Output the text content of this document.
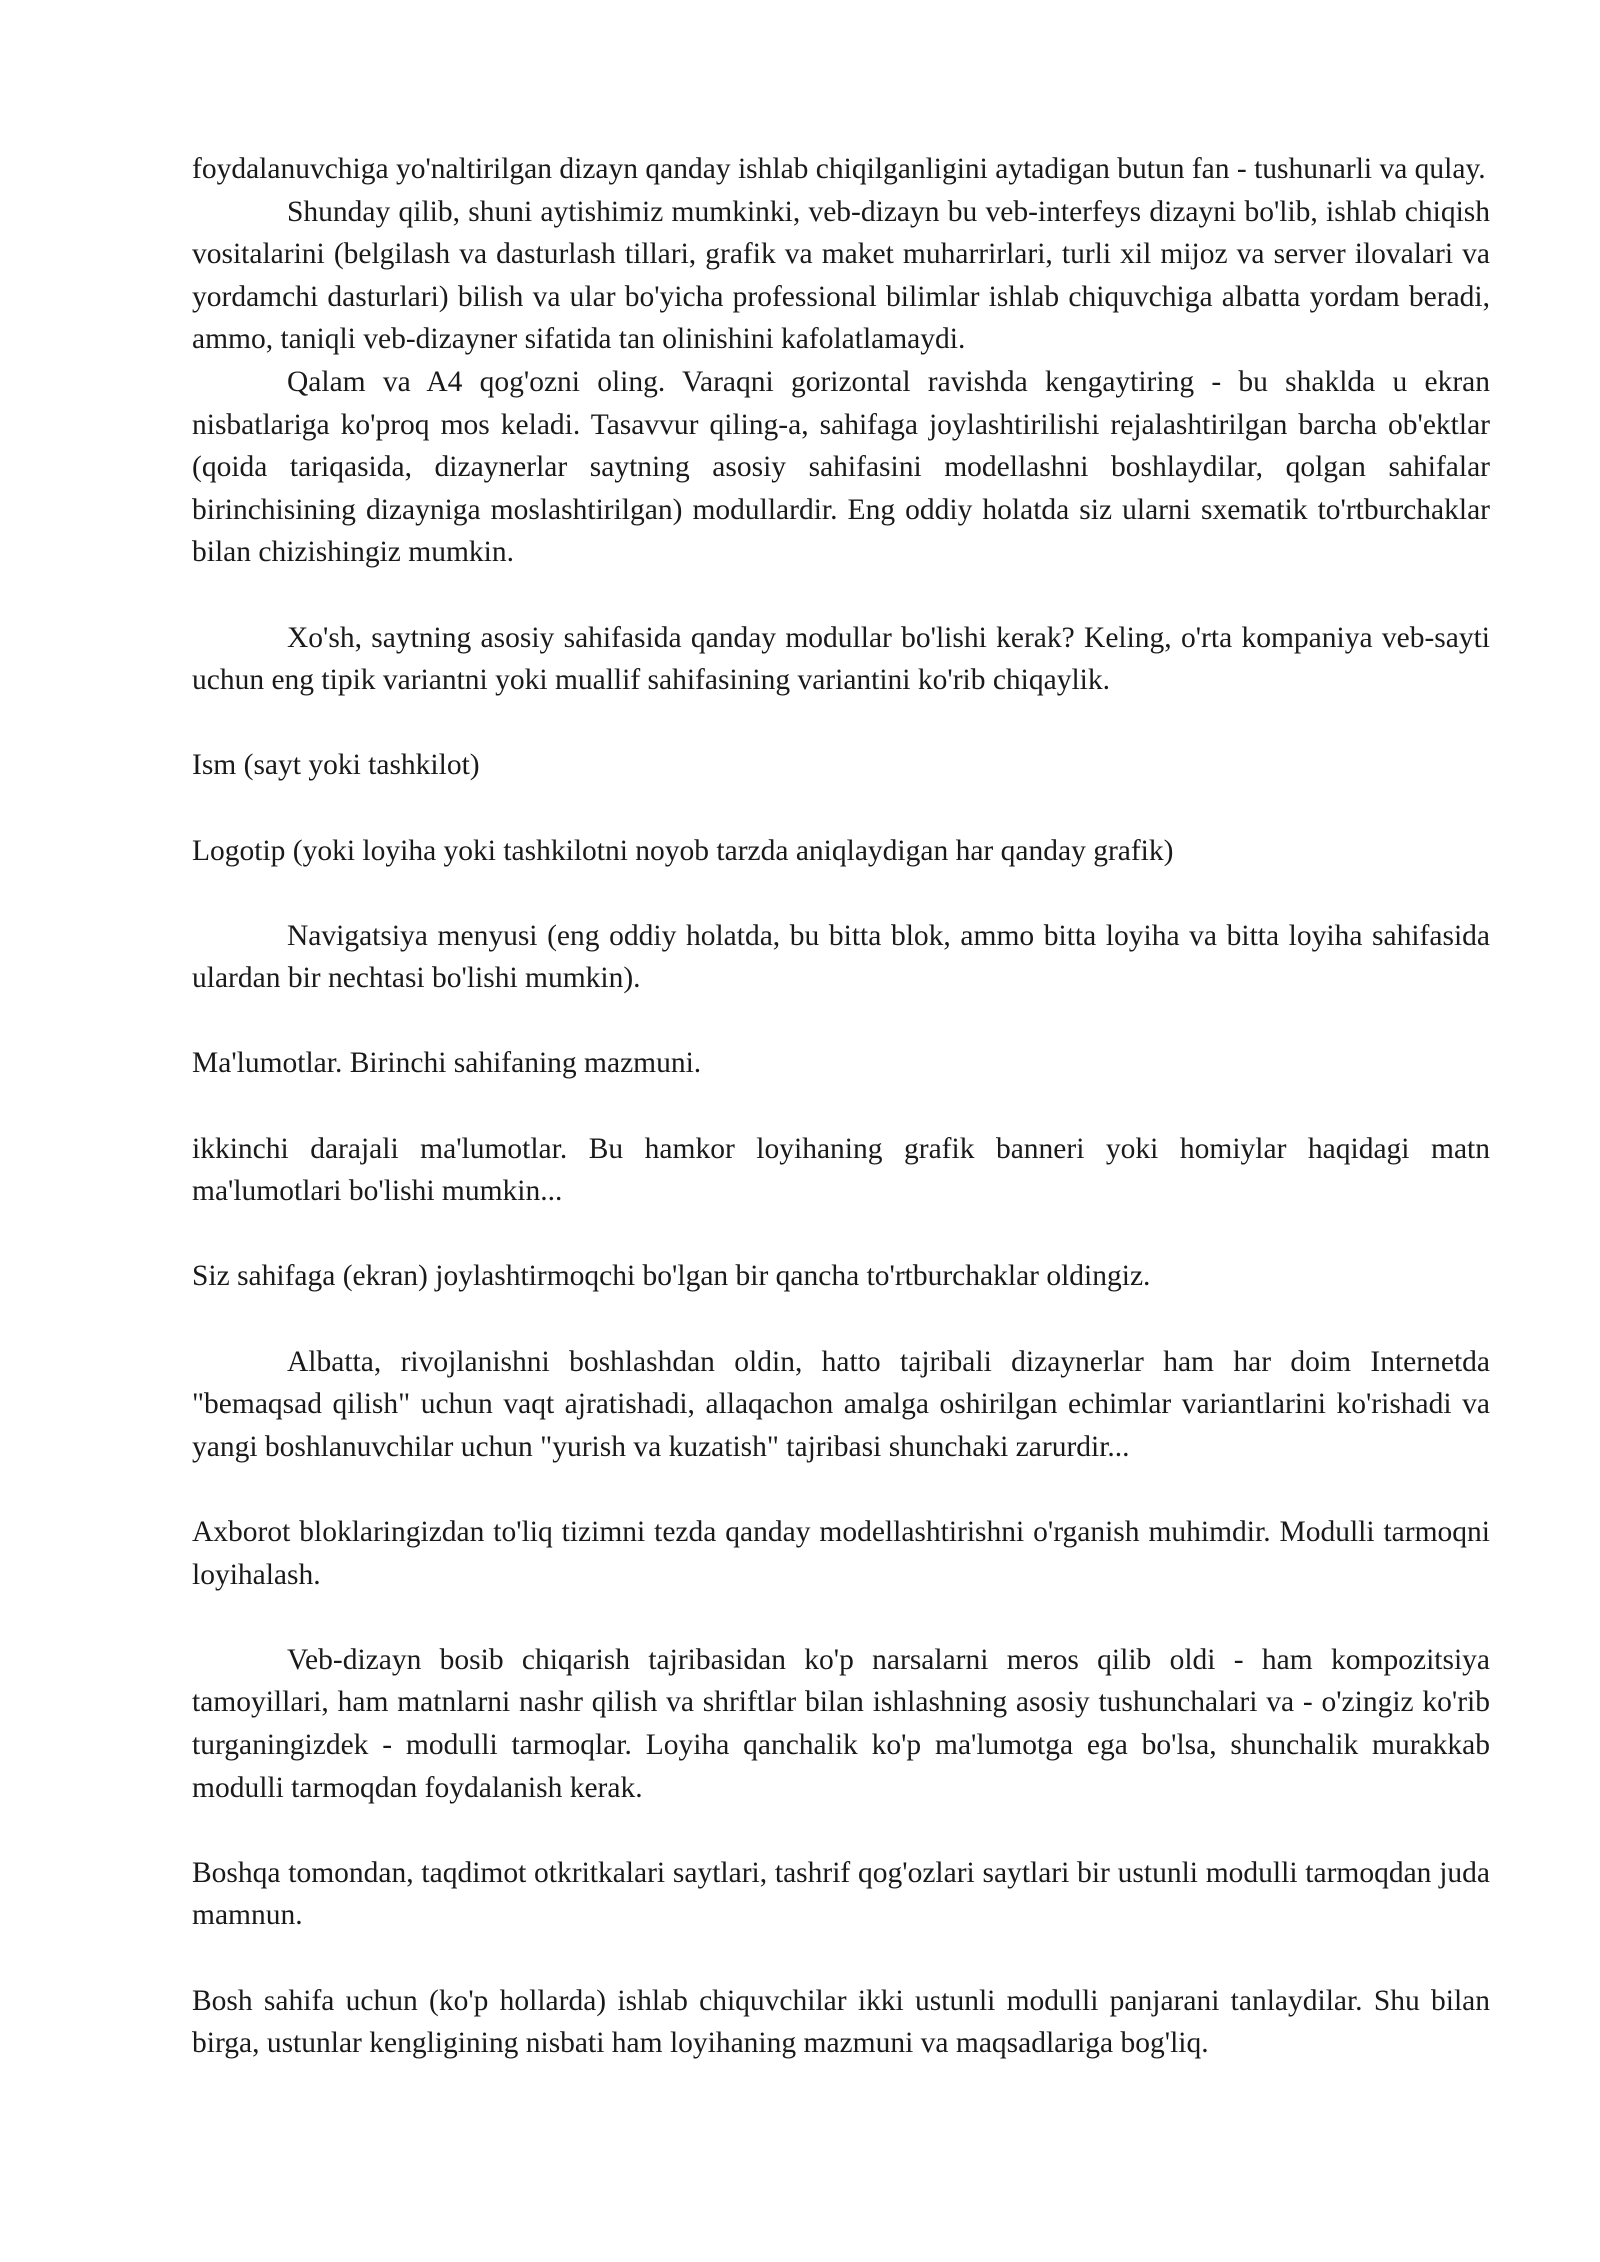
foydalanuvchiga yo'naltirilgan dizayn qanday ishlab chiqilganligini aytadigan butun fan - tushunarli va qulay.

Shunday qilib, shuni aytishimiz mumkinki, veb-dizayn bu veb-interfeys dizayni bo'lib, ishlab chiqish vositalarini (belgilash va dasturlash tillari, grafik va maket muharrirlari, turli xil mijoz va server ilovalari va yordamchi dasturlari) bilish va ular bo'yicha professional bilimlar ishlab chiquvchiga albatta yordam beradi, ammo, taniqli veb-dizayner sifatida tan olinishini kafolatlamaydi.

Qalam va A4 qog'ozni oling. Varaqni gorizontal ravishda kengaytiring - bu shaklda u ekran nisbatlariga ko'proq mos keladi. Tasavvur qiling-a, sahifaga joylashtirilishi rejalashtirilgan barcha ob'ektlar (qoida tariqasida, dizaynerlar saytning asosiy sahifasini modellashni boshlaydilar, qolgan sahifalar birinchisining dizayniga moslashtirilgan) modullardir. Eng oddiy holatda siz ularni sxematik to'rtburchaklar bilan chizishingiz mumkin.

Xo'sh, saytning asosiy sahifasida qanday modullar bo'lishi kerak? Keling, o'rta kompaniya veb-sayti uchun eng tipik variantni yoki muallif sahifasining variantini ko'rib chiqaylik.

Ism (sayt yoki tashkilot)

Logotip (yoki loyiha yoki tashkilotni noyob tarzda aniqlaydigan har qanday grafik)

Navigatsiya menyusi (eng oddiy holatda, bu bitta blok, ammo bitta loyiha va bitta loyiha sahifasida ulardan bir nechtasi bo'lishi mumkin).

Ma'lumotlar. Birinchi sahifaning mazmuni.

ikkinchi darajali ma'lumotlar. Bu hamkor loyihaning grafik banneri yoki homiylar haqidagi matn ma'lumotlari bo'lishi mumkin...

Siz sahifaga (ekran) joylashtirmoqchi bo'lgan bir qancha to'rtburchaklar oldingiz.

Albatta, rivojlanishni boshlashdan oldin, hatto tajribali dizaynerlar ham har doim Internetda "bemaqsad qilish" uchun vaqt ajratishadi, allaqachon amalga oshirilgan echimlar variantlarini ko'rishadi va yangi boshlanuvchilar uchun "yurish va kuzatish" tajribasi shunchaki zarurdir...

Axborot bloklaringizdan to'liq tizimni tezda qanday modellashtirishni o'rganish muhimdir. Modulli tarmoqni loyihalash.

Veb-dizayn bosib chiqarish tajribasidan ko'p narsalarni meros qilib oldi - ham kompozitsiya tamoyillari, ham matnlarni nashr qilish va shriftlar bilan ishlashning asosiy tushunchalari va - o'zingiz ko'rib turganingizdek - modulli tarmoqlar. Loyiha qanchalik ko'p ma'lumotga ega bo'lsa, shunchalik murakkab modulli tarmoqdan foydalanish kerak.

Boshqa tomondan, taqdimot otkritkalari saytlari, tashrif qog'ozlari saytlari bir ustunli modulli tarmoqdan juda mamnun.

Bosh sahifa uchun (ko'p hollarda) ishlab chiquvchilar ikki ustunli modulli panjarani tanlaydilar. Shu bilan birga, ustunlar kengligining nisbati ham loyihaning mazmuni va maqsadlariga bog'liq.
